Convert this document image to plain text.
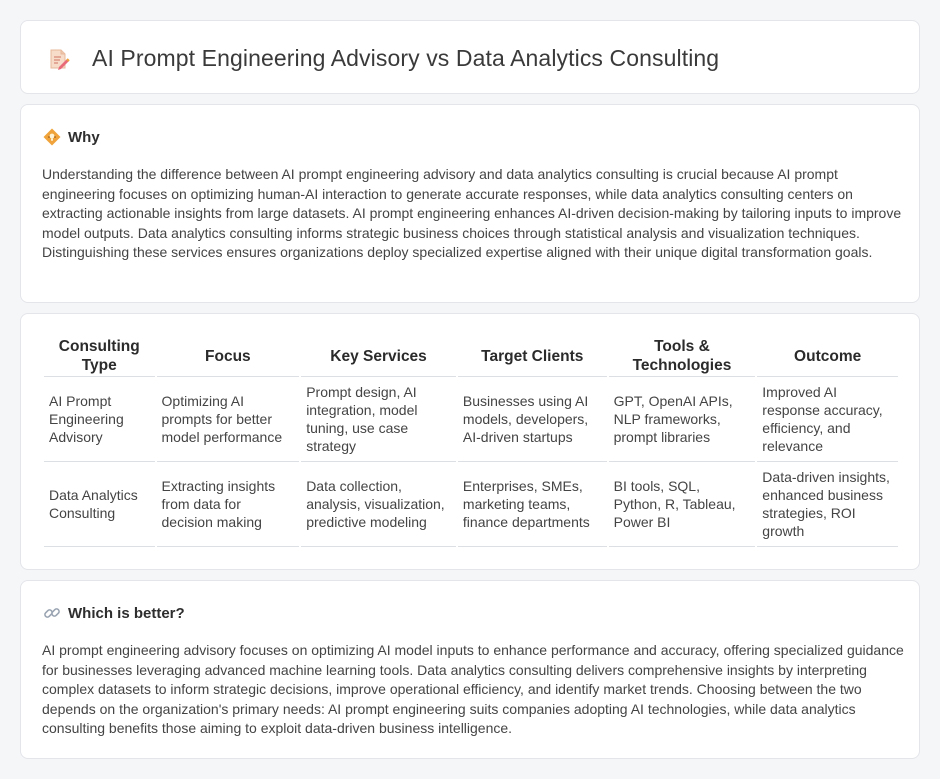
AI Prompt Engineering Advisory vs Data Analytics Consulting
Why

Understanding the difference between AI prompt engineering advisory and data analytics consulting is crucial because AI prompt engineering focuses on optimizing human-AI interaction to generate accurate responses, while data analytics consulting centers on extracting actionable insights from large datasets. AI prompt engineering enhances AI-driven decision-making by tailoring inputs to improve model outputs. Data analytics consulting informs strategic business choices through statistical analysis and visualization techniques. Distinguishing these services ensures organizations deploy specialized expertise aligned with their unique digital transformation goals.

Consulting Type	Focus	Key Services	Target Clients	Tools & Technologies	Outcome
AI Prompt Engineering Advisory	Optimizing AI prompts for better model performance	Prompt design, AI integration, model tuning, use case strategy	Businesses using AI models, developers, AI-driven startups	GPT, OpenAI APIs, NLP frameworks, prompt libraries	Improved AI response accuracy, efficiency, and relevance
Data Analytics Consulting	Extracting insights from data for decision making	Data collection, analysis, visualization, predictive modeling	Enterprises, SMEs, marketing teams, finance departments	BI tools, SQL, Python, R, Tableau, Power BI	Data-driven insights, enhanced business strategies, ROI growth
Which is better?

AI prompt engineering advisory focuses on optimizing AI model inputs to enhance performance and accuracy, offering specialized guidance for businesses leveraging advanced machine learning tools. Data analytics consulting delivers comprehensive insights by interpreting complex datasets to inform strategic decisions, improve operational efficiency, and identify market trends. Choosing between the two depends on the organization's primary needs: AI prompt engineering suits companies adopting AI technologies, while data analytics consulting benefits those aiming to exploit data-driven business intelligence.
